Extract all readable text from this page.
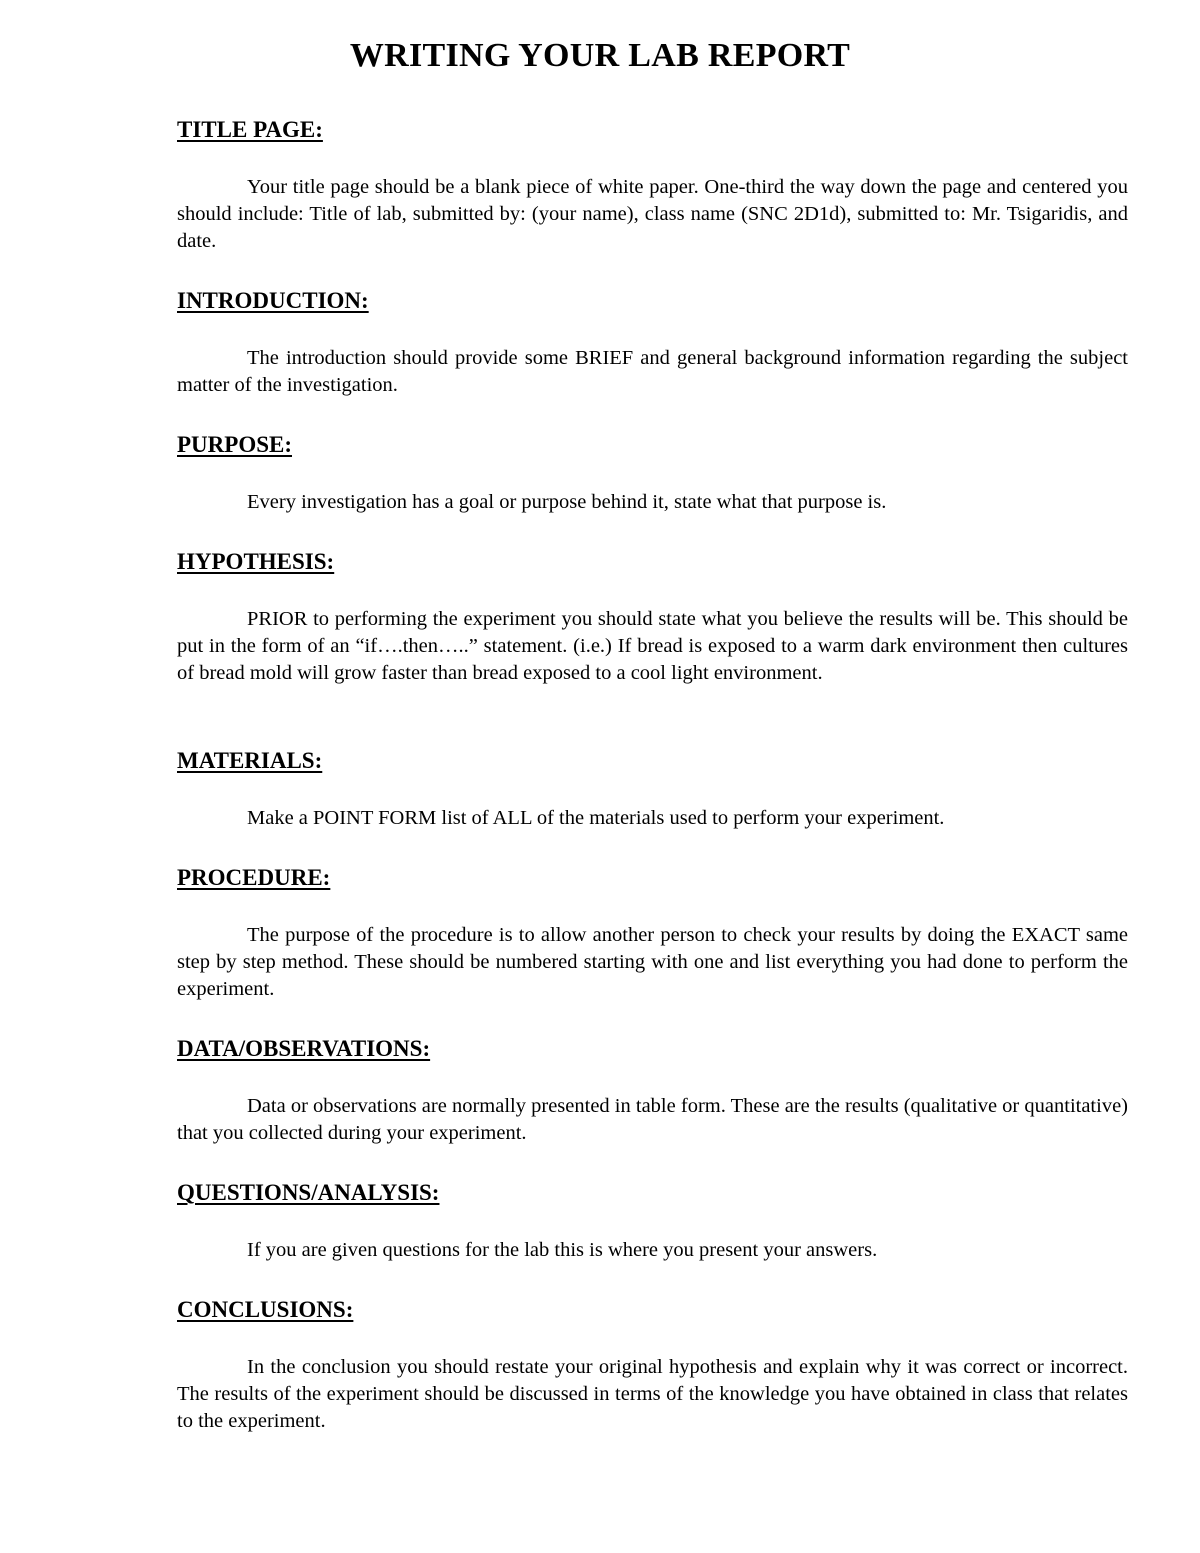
WRITING YOUR LAB REPORT
TITLE PAGE:

Your title page should be a blank piece of white paper. One-third the way down the page and centered you should include: Title of lab, submitted by: (your name), class name (SNC 2D1d), submitted to: Mr. Tsigaridis, and date.

INTRODUCTION:

The introduction should provide some BRIEF and general background information regarding the subject matter of the investigation.

PURPOSE:

Every investigation has a goal or purpose behind it, state what that purpose is.

HYPOTHESIS:

PRIOR to performing the experiment you should state what you believe the results will be. This should be put in the form of an “if….then…..” statement. (i.e.) If bread is exposed to a warm dark environment then cultures of bread mold will grow faster than bread exposed to a cool light environment.

MATERIALS:

Make a POINT FORM list of ALL of the materials used to perform your experiment.

PROCEDURE:

The purpose of the procedure is to allow another person to check your results by doing the EXACT same step by step method. These should be numbered starting with one and list everything you had done to perform the experiment.

DATA/OBSERVATIONS:

Data or observations are normally presented in table form. These are the results (qualitative or quantitative) that you collected during your experiment.

QUESTIONS/ANALYSIS:

If you are given questions for the lab this is where you present your answers.

CONCLUSIONS:

In the conclusion you should restate your original hypothesis and explain why it was correct or incorrect. The results of the experiment should be discussed in terms of the knowledge you have obtained in class that relates to the experiment.
